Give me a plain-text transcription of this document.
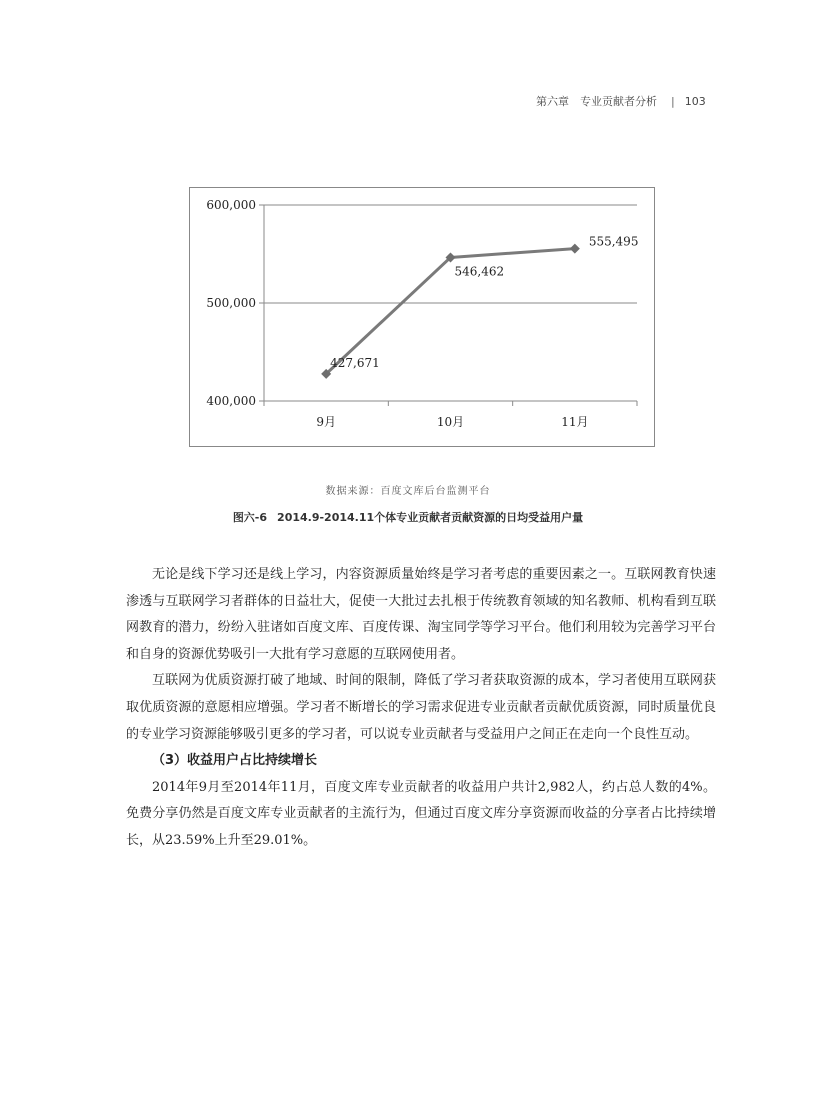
第六章　专业贡献者分析 | 103
400,000
500,000
600,000
9月	10月	11月
427,671
546,462
555,495
数据来源：百度文库后台监测平台
图六-6 2014.9-2014.11个体专业贡献者贡献资源的日均受益用户量

无论是线下学习还是线上学习，内容资源质量始终是学习者考虑的重要因素之一。互联网教育快速渗透与互联网学习者群体的日益壮大，促使一大批过去扎根于传统教育领域的知名教师、机构看到互联网教育的潜力，纷纷入驻诸如百度文库、百度传课、淘宝同学等学习平台。他们利用较为完善学习平台和自身的资源优势吸引一大批有学习意愿的互联网使用者。

互联网为优质资源打破了地域、时间的限制，降低了学习者获取资源的成本，学习者使用互联网获取优质资源的意愿相应增强。学习者不断增长的学习需求促进专业贡献者贡献优质资源，同时质量优良的专业学习资源能够吸引更多的学习者，可以说专业贡献者与受益用户之间正在走向一个良性互动。

（3）收益用户占比持续增长

2014年9月至2014年11月，百度文库专业贡献者的收益用户共计2,982人，约占总人数的4%。免费分享仍然是百度文库专业贡献者的主流行为，但通过百度文库分享资源而收益的分享者占比持续增长，从23.59%上升至29.01%。
